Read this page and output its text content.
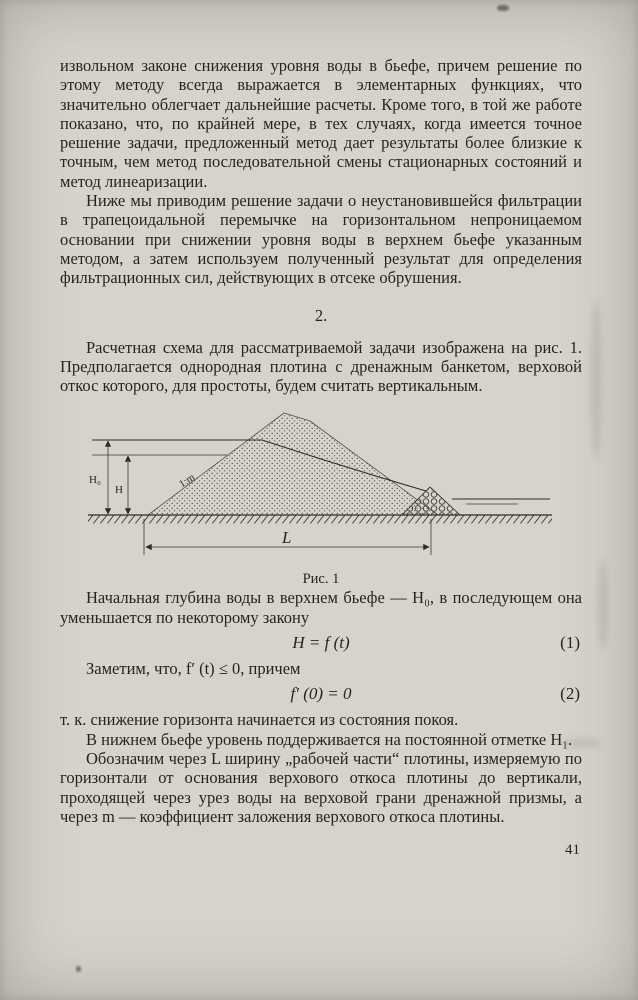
извольном законе снижения уровня воды в бьефе, причем решение по этому методу всегда выражается в элементарных функциях, что значительно облегчает дальнейшие расчеты. Кроме того, в той же работе показано, что, по крайней мере, в тех случаях, когда имеется точное решение задачи, предложенный метод дает результаты более близкие к точным, чем метод последовательной смены стационарных состояний и метод линеаризации.

Ниже мы приводим решение задачи о неустановившейся фильтрации в трапецоидальной перемычке на горизонтальном непроницаемом основании при снижении уровня воды в верхнем бьефе указанным методом, а затем используем полученный результат для определения фильтрационных сил, действующих в отсеке обрушения.

2.

Расчетная схема для рассматриваемой задачи изображена на рис. 1. Предполагается однородная плотина с дренажным банкетом, верховой откос которого, для простоты, будем считать вертикальным.

H₀
H	1:m
L
Рис. 1

Начальная глубина воды в верхнем бьефе — H₀, в последующем она уменьшается по некоторому закону

H = f (t)	(1)

Заметим, что, f′ (t) ≤ 0, причем

f′ (0) = 0	(2)

т. к. снижение горизонта начинается из состояния покоя.

В нижнем бьефе уровень поддерживается на постоянной отметке H₁.

Обозначим через L ширину „рабочей части“ плотины, измеряемую по горизонтали от основания верхового откоса плотины до вертикали, проходящей через урез воды на верховой грани дренажной призмы, а через m — коэффициент заложения верхового откоса плотины.

41
